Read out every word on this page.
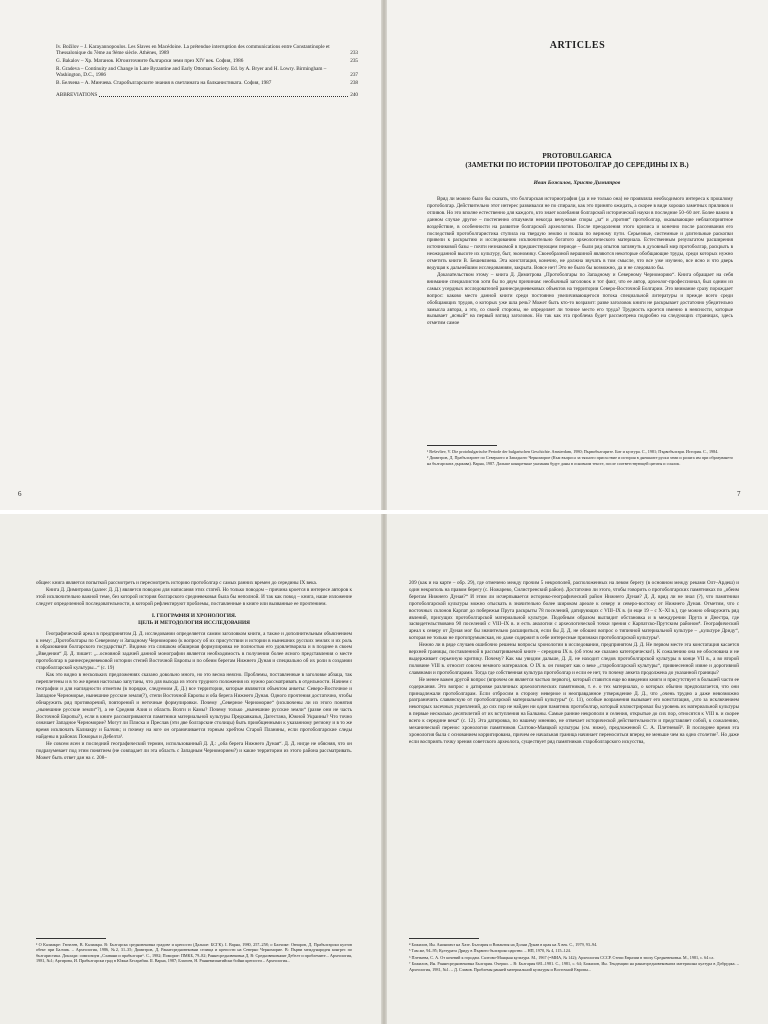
Iv. Božilov – J. Karayannopoulos. Les Slaves en Macédoine. La prétendue interruption des communications entre Constantinople et Thessalonique du 7ème au 9ème siècle. Athènes, 1989	233
G. Bakalov – Хр. Матанов. Югоизточните български земи през XIV век. София, 1986	235
R. Gradeva – Continuity and Change in Late Byzantine and Early Ottoman Society. Ed. by A. Bryer and H. Lowry. Birmingham – Washington, D.C., 1986	237
В. Белчева – А. Минчева. Старобългарските знания в светлината на балканистиката. София, 1987	238
ABBREVIATIONS	240
6
ARTICLES
PROTOBULGARICA
(ЗАМЕТКИ ПО ИСТОРИИ ПРОТОБОЛГАР ДО СЕРЕДИНЫ IX В.)
Иван Божилов, Христо Димитров

Вряд ли можно было бы сказать, что болгарская историография (да и не только она) не проявляла необходимого интереса к прошлому протоболгар. Действительно этот интерес развивался не по спирали, как это принято ожидать, а скорее в виде хорошо заметных приливов и отливов. Но это вполне естественно для каждого, кто знает колебания болгарской исторической науки в последние 50–60 лет. Более важно в данном случае другое – постепенно отшумели некогда венужные споры „за“ и „против“ протоболгар, оказывающие неблагоприятное воздействие, в особенности на развитие болгарской археологии. После преодоления этого кризиса и конечно после рассеивания его последствий протоболгаристика ступила на твердую землю и пошла по верному пути. Серьезные, системные и длительные раскопки привели к раскрытию и исследованию исключительно богатого археологического материала. Естественным результатом расширения источниковой базы – почти незнакомой в предшествующем периоде – были ряд опытов заглянуть в духовный мир протоболгар, раскрыть в неожиданной высоте их культуру, быт, экономику. Своеобразной вершиной являются некоторые обобщающие труды, среди которых нужно отметить книги В. Бешевлиева. Эта констатация, конечно, не должна звучать в том смысле, что все уже изучено, все ясно и что дверь ведущая к дальнейшим исследованиям, закрыта. Вовсе нет! Это не было бы возможно, да и не следовало бы.

Доказательством этому – книга Д. Димитрова „Протоболгары по Западному и Северному Черноморию“. Книга обращает на себя внимание специалистов хотя бы по двум причинам: необычный заголовок и тот факт, что ее автор, археолог-профессионал, был одним из самых усердных исследователей раннесредневековых объектов на территории Северо-Восточной Болгарии. Это внимание сразу порождает вопрос: каково место данной книги среди постоянно увеличивающегося потока специальной литературы и прежде всего среди обобщающих трудов, о которых уже шла речь? Может быть кто-то возразит: разве заголовок книги не раскрывает достаточно убедительно замысла автора, а это, со своей стороны, не определяет ли точное место его труда? Трудность кроется именно в неясности, которые вызывает „ясный“ на первый взгляд заголовок. Но так как эта проблема будет рассмотрена подробно на следующих страницах, здесь отметим самое

¹ Beševliev, V. Die protobulgarische Periode der bulgarischen Geschichte. Amsterdam, 1980; Първобългарите. Бит и култура. С., 1981; Първобългари. История. С., 1984.

² Димитров, Д. Прабългарите по Северното и Западното Черноморие (Към въпроса за тяхното присъствие и история в днешните руски земи и ролята им при образуването на българската държава). Варна, 1987. Дальше конкретные указания будут даны в основном тексте, после соответствующей цитаты и ссылок.

7

общее: книга является попыткой рассмотреть и пересмотреть историю протоболгар с самых ранних времен до середины IX века.

Книга Д. Димитрова (далее: Д. Д.) является поводом для написания этих статей. Но только поводом – причина кроется в интересе авторов к этой исключительно важной теме, без которой история болгарского средневековья была бы неполной. И так как повод – книга, наше изложение следует определенной последовательности, в которой рефлектируют проблемы, поставленные в книге или вызванные ее прочтением.

I. ГЕОГРАФИЯ И ХРОНОЛОГИЯ.
ЦЕЛЬ И МЕТОДОЛОГИЯ ИССЛЕДОВАНИЯ

Географический ареал в предпринятом Д. Д. исследовании определяется самим заголовком книги, а также и дополнительным объяснением к нему: „Протоболгары по Северному и Западному Черноморию (к вопросу об их присутствии и истории в нынешних русских землях и их роль в образовании болгарского государства)“. Видимо эта слишком обширная формулировка не полностью его удовлетворила и в позднее в своем „Введении“ Д. Д. пишет: „...основной задачей данной монографии является необходимость в получении более ясного представления о месте протоболгар в раннесредневековой истории степей Восточной Европы и по обеим берегам Нижнего Дуная и специально об их роли в создании староболгарской культуры...“ (с. 19)

Как это видно в нескольких предложениях сказано довольно много, но это весма неясно. Проблемы, поставленные в заголовке абзаца, так переплетены и в то же время настолько запутаны, что для выхода из этого трудного положения их нужно рассматривать в отдельности. Начнем с географии и для наглядности отметим (в порядке, следуемом Д. Д.) все территории, которые являются объектом анкеты: Северо-Восточное и Западное Черноморье, нынешние русские земли(?), степи Восточной Европы и оба берега Нижнего Дуная. Одного прочтения достаточно, чтобы обнаружить ряд противоречий, повторений и неточные формулировки. Почему „Северное Черноморие“ (исключены ли из этого понятия „нынешние русские земли“?), а не Средняя Азия и область Волги и Камы? Почему только „нынешние русские земли“ (разве они не часть Восточной Европы?), если в книге рассматриваются памятники материальной культуры Предкавказья, Дагестана, Южной Украины? Что точно означает Западное Черноморие? Могут ли Плиска и Преслав (эти две болгарские столицы) быть приобщенными к указанному региону и в то же время исключать Калиакру и Балчик; и почему на юге он ограничивается горным хребтом Старой Планины, если протоболгарские следы найдены в районах Поморья и Дебелта³.

Не совсем ясен и последний географический термин, использованный Д. Д.: „оба берега Нижнего Дуная“. Д. Д. нигде не обясняя, что он подразумевает под этим понятием (не совпадает ли эта область с Западным Черноморием?) и какие территории из этого района рассматривать. Может быть ответ дан на с. 208–

³ О Калиакре: Гюзелев, В. Калиакра. В: Българска средновековна градове и крепости (Дальше: БСГК). I. Варна, 1980, 257–258; о Балчике: Овчаров, Д. Прабългарски култов обект при Балчик. – Археология, 1986, №2, 31–35; Димитров, Д. Раннесредновековни селища и крепости на Северно Черноморие. В: Първи международен конгрес по българистика. Доклади: симпозиум „Славяни и прабългари“. С., 1982; Поморие: ПМКБ, 79–82; Раннесредновековна Д. В: Средновековният Дебелт и проблемите... Археология, 1981, №1; Аргирова, И. Прабългарски грaд в Южна Бесарабия. II. Варна, 1987; Благоев, Н. Ранневизантийски бойни крепости – Археология...

209 (как и на карте – обр. 29), где отмечено между прочим 5 некрополей, расположенных на левом берегу (в основном между реками Олт–Ардеш) и один некрополь на правом берегу (с. Ножарево, Силистренский район). Достаточно ли этого, чтобы говорить о протоболгарских памятниках по „обеим берегам Нижнего Дуная?“ И этим ли исчерпывается историко-географический район Нижнего Дуная? Д. Д. вряд ли не знал (?), что памятники протоболгарской культуры можно отыскать в значительно более широком ареале к северу и северо-востоку от Нижнего Дуная. Отметим, что с восточных склонов Карпат до побережья Прута раскрыты 78 поселений, датирующих с VIII–IX в. (и еще 19 – с X–XI в.), где можно обнаружить ряд явлений, присущих протоболгарской материальной культуре. Подобным образом выглядит обстановка и в междуречии Прута и Днестра, где засвидетельствовано 90 поселений с VIII–IX в. и есть аналогии с археологической точки зрения с Карпатско-Прутским районом⁴. Географический ареал к северу от Дуная мог бы значительно расшириться, если бы Д. Д. не обошел вопрос о типичной материальной культуре – „культуре Дридy“, которая не только не протопрумынская, но даже содержит в себе интересные признаки протоболгарской культуры⁵.

Нежно ли в ряде случаев ошибочно решены вопросы хронологии в исследовании, предпринятом Д. Д. Не первом месте эта констатация касается верхней границы, поставленной в рассматриваемой книге – середина IX в. (об этом же сказано категорически!). К сожалению она не обоснована и не выдерживает серьезную критику. Почему? Как мы увидим дальше, Д. Д. не находит следов протоболгарской культуры в конце VII в., а во второй половине VIII в. относит совсем немного материалов. О IX в. он говорит как о веке „староболгарской культуры“, привнесенной извне и дорогивной славянами и протоболгарами. Тогда где собственная культура протоболгар и если ее нет, то почему анкета продолжена до указанной границы?

Не менее важен другой вопрос (впрочем он является частью первого), который ставится еще во введении книги и присутствует в большей части ее содержания. Это вопрос о датировке различных археологических памятников, т. е. о тех материалах, о которых обычно предполагается, что они принадлежали протоболгарам. Если отбросим в сторону неверное и неоправданное утверждение Д. Д., что „очень трудно а даже невозможно разграничить славянскую от протоболгарской материальной культуры“ (с. 11), особые возражения вызывает его констатация, „что за исключением некоторых засечных укреплений, до сих пор не найден ни один памятник протоболгар, который иллюстрировал бы уровень их материальной культуры в первые несколько десятилетий от их вступления на Балканы. Самые ранние некрополи и селения, открытые до сих пор, относятся к VIII в. и скорее всего к середине века“ (с. 12). Эта датировка, по нашему мнению, не отвечает исторической действительности и представляет собой, к сожалению, механический перенос хронологии памятников Салтово-Маяцкой культуры (см. ниже), предложенной С. А. Плетневой⁶. В последнее время эта хронология была с основанием корригирована, причем ее начальная граница начинает переноситься вперед не меньше чем на одно столетие⁷. Но даже если восприять точку зрения советского археолога, существует ряд памятников староболгарского искусства,

⁴ Божилов, Ин. Анонимът на Хазе. България и Византия на Долни Дунав в края на X век. С., 1979, 93–94.

⁵ Там же, 94–95; Културата Дриду в Първото българско царство. – НП, 1970, № 4, 115–124.

⁶ Плетнева, С. А. От кочевий к городам. Салтово-Маяцкая культура. М., 1967 (=МИА, № 142); Археология СССР. Степи Евразии в эпоху Средневековья. М., 1981, с. 64 сл.

⁷ Божилов, Ин. Раннесредновековна България. Очерки. – В: България 681–1981. С., 1981, с. 64; Божилов, Ин. Тенденции на раннесредновековната материална култура в Добруджа. – Археология, 1981, №1. – Д. Славов. Проблемы ранней материальной культуры и Восточной Европы...
